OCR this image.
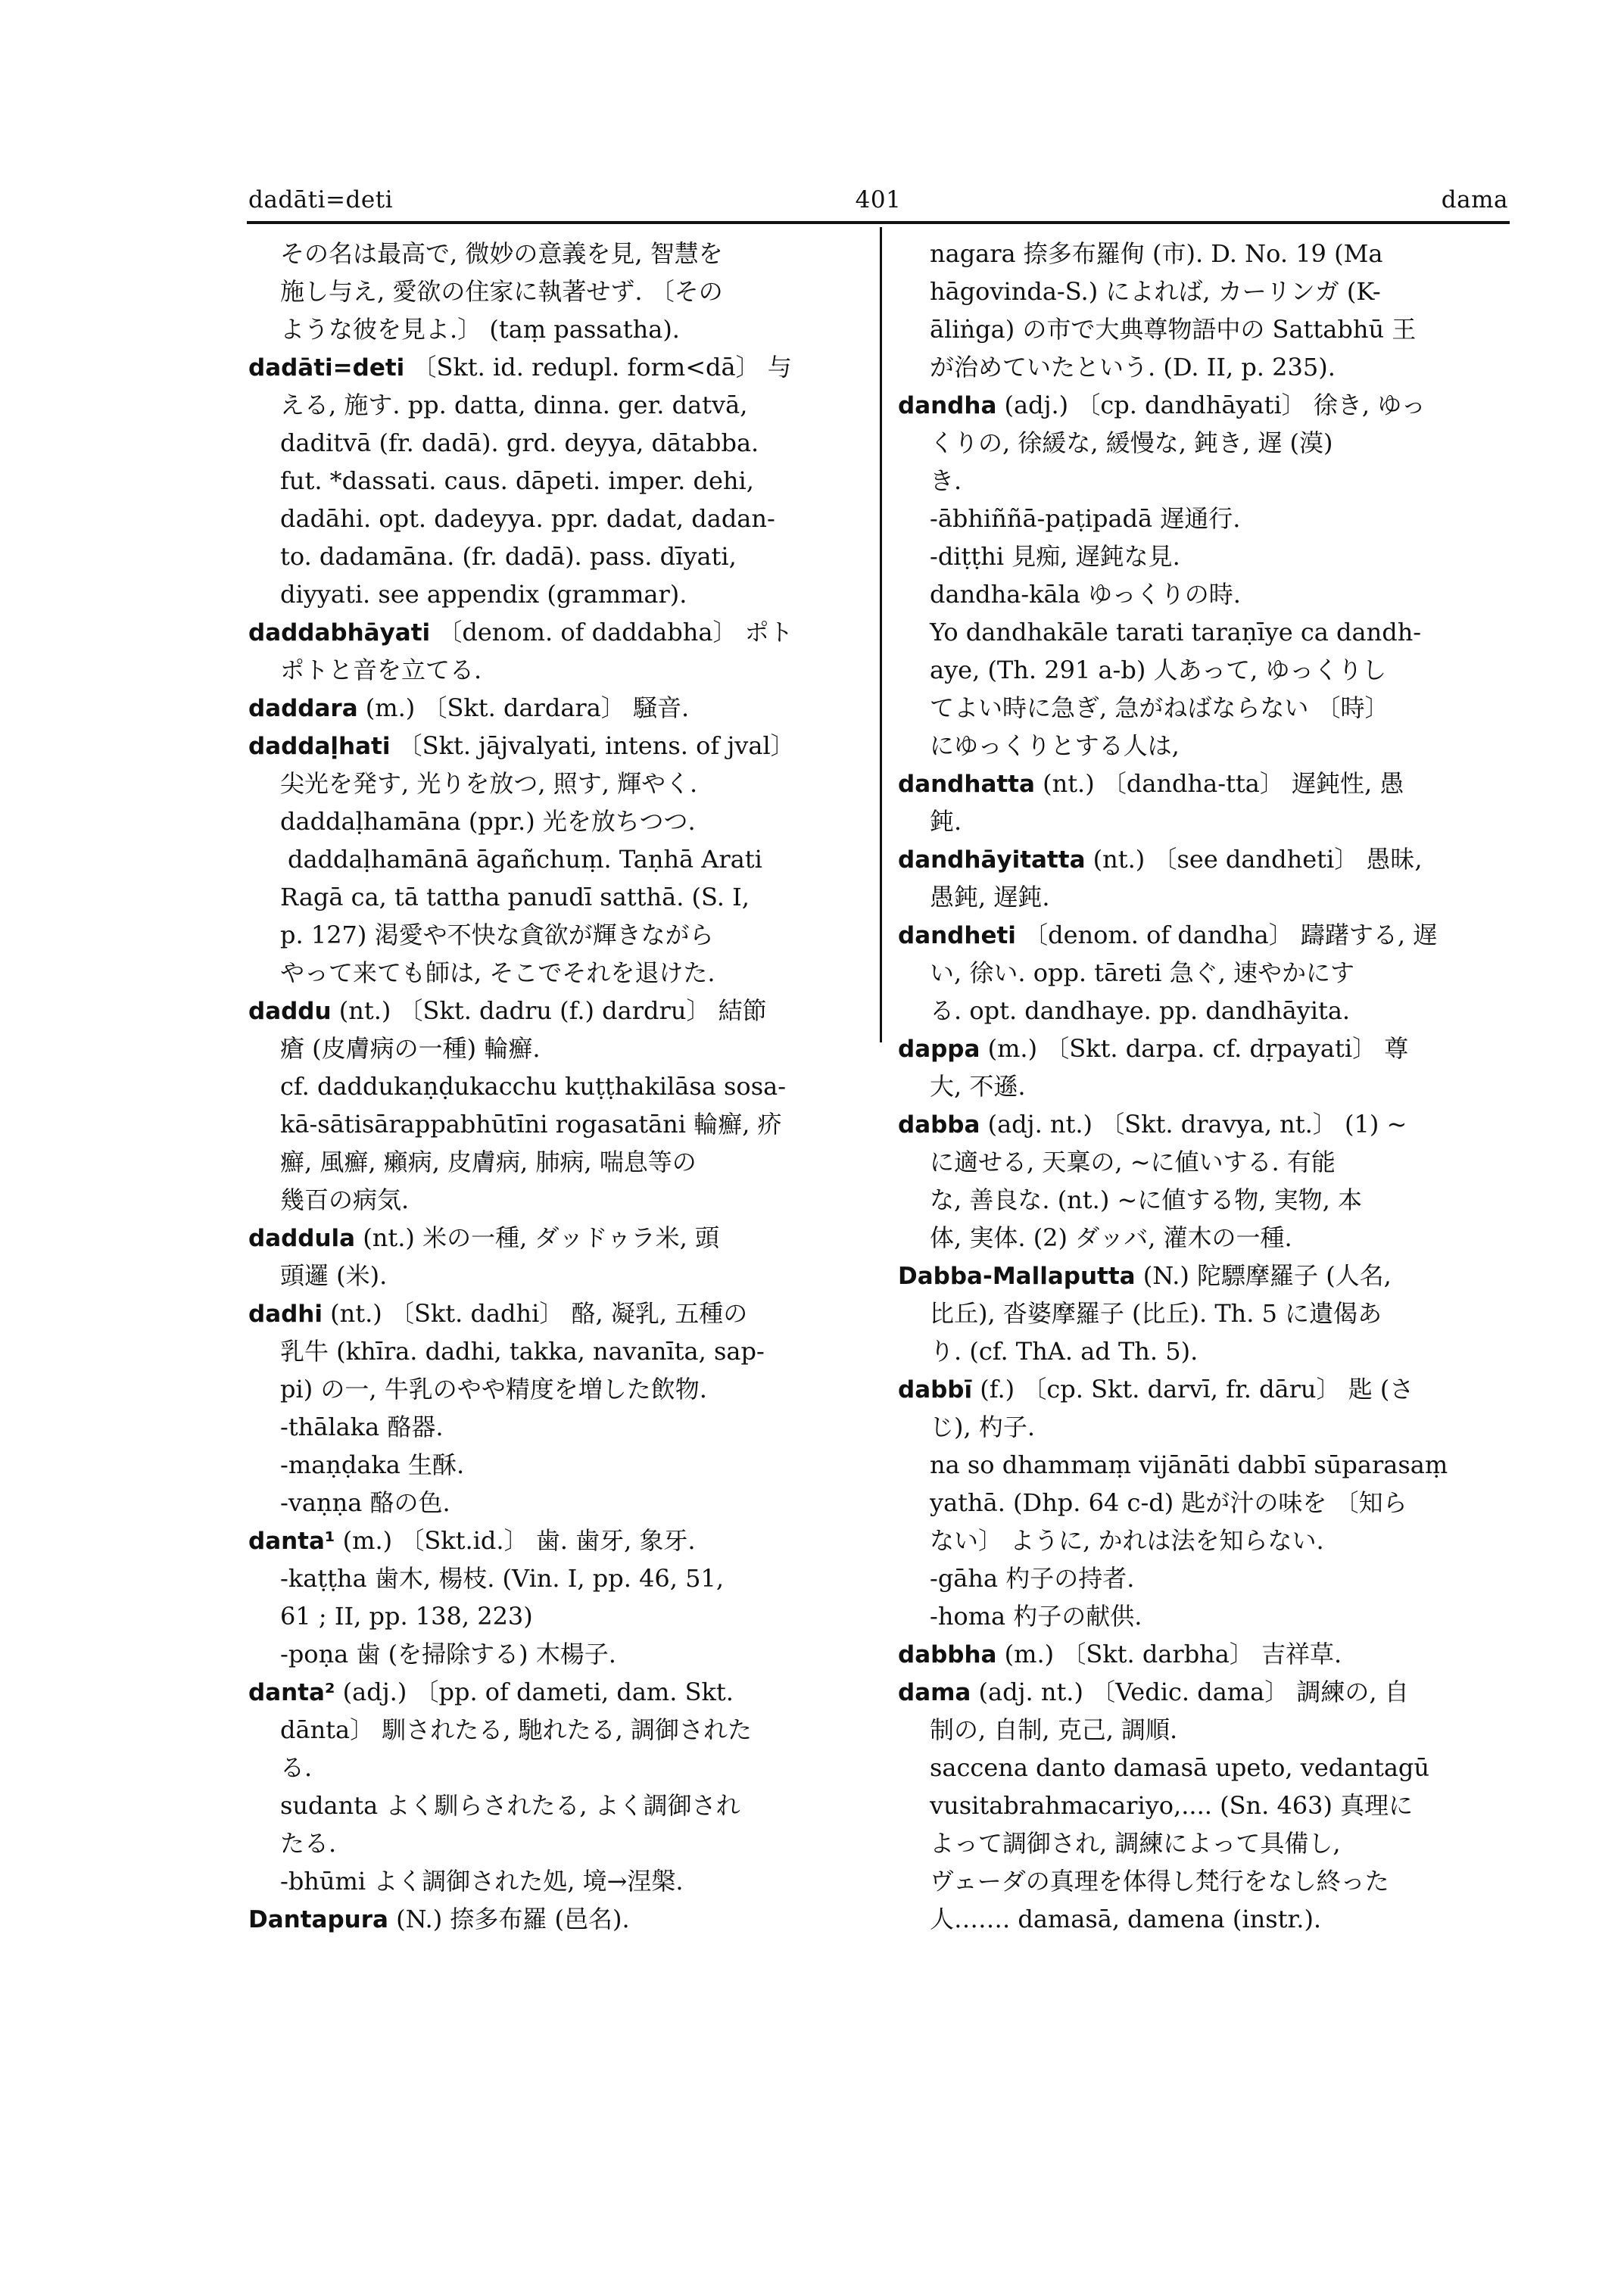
dadāti=deti	401	dama
その名は最高で, 微妙の意義を見, 智慧を
施し与え, 愛欲の住家に執著せず. 〔その
ような彼を見よ.〕 (taṃ passatha).
dadāti=deti 〔Skt. id. redupl. form<dā〕 与
える, 施す. pp. datta, dinna. ger. datvā,
daditvā (fr. dadā). grd. deyya, dātabba.
fut. *dassati. caus. dāpeti. imper. dehi,
dadāhi. opt. dadeyya. ppr. dadat, dadan-
to. dadamāna. (fr. dadā). pass. dīyati,
diyyati. see appendix (grammar).
daddabhāyati 〔denom. of daddabha〕 ポト
ポトと音を立てる.
daddara (m.) 〔Skt. dardara〕 騒音.
daddaḷhati 〔Skt. jājvalyati, intens. of jval〕
尖光を発す, 光りを放つ, 照す, 輝やく.
daddaḷhamāna (ppr.) 光を放ちつつ.
daddaḷhamānā āgañchuṃ. Taṇhā Arati
Ragā ca, tā tattha panudī satthā. (S. I,
p. 127) 渇愛や不快な貪欲が輝きながら
やって来ても師は, そこでそれを退けた.
daddu (nt.) 〔Skt. dadru (f.) dardru〕 結節
瘡 (皮膚病の一種) 輪癬.
cf. daddukaṇḍukacchu kuṭṭhakilāsa sosa-
kā-sātisārappabhūtīni rogasatāni 輪癬, 疥
癬, 風癬, 癩病, 皮膚病, 肺病, 喘息等の
幾百の病気.
daddula (nt.) 米の一種, ダッドゥラ米, 頭
頭邏 (米).
dadhi (nt.) 〔Skt. dadhi〕 酪, 凝乳, 五種の
乳牛 (khīra. dadhi, takka, navanīta, sap-
pi) の一, 牛乳のやや精度を増した飲物.
-thālaka 酪器.
-maṇḍaka 生酥.
-vaṇṇa 酪の色.
danta¹ (m.) 〔Skt.id.〕 歯. 歯牙, 象牙.
-kaṭṭha 歯木, 楊枝. (Vin. I, pp. 46, 51,
61 ; II, pp. 138, 223)
-poṇa 歯 (を掃除する) 木楊子.
danta² (adj.) 〔pp. of dameti, dam. Skt.
dānta〕 馴されたる, 馳れたる, 調御された
る.
sudanta よく馴らされたる, よく調御され
たる.
-bhūmi よく調御された処, 境→涅槃.
Dantapura (N.) 捺多布羅 (邑名).
nagara 捺多布羅侚 (市). D. No. 19 (Ma
hāgovinda-S.) によれば, カーリンガ (K-
āliṅga) の市で大典尊物語中の Sattabhū 王
が治めていたという. (D. II, p. 235).
dandha (adj.) 〔cp. dandhāyati〕 徐き, ゆっ
くりの, 徐緩な, 緩慢な, 鈍き, 遅 (漠)
き.
-ābhiññā-paṭipadā 遅通行.
-diṭṭhi 見痴, 遅鈍な見.
dandha-kāla ゆっくりの時.
Yo dandhakāle tarati taraṇīye ca dandh-
aye, (Th. 291 a-b) 人あって, ゆっくりし
てよい時に急ぎ, 急がねばならない 〔時〕
にゆっくりとする人は,
dandhatta (nt.) 〔dandha-tta〕 遅鈍性, 愚
鈍.
dandhāyitatta (nt.) 〔see dandheti〕 愚昧,
愚鈍, 遅鈍.
dandheti 〔denom. of dandha〕 躊躇する, 遅
い, 徐い. opp. tāreti 急ぐ, 速やかにす
る. opt. dandhaye. pp. dandhāyita.
dappa (m.) 〔Skt. darpa. cf. dṛpayati〕 尊
大, 不遜.
dabba (adj. nt.) 〔Skt. dravya, nt.〕 (1) ~
に適せる, 天稟の, ~に値いする. 有能
な, 善良な. (nt.) ~に値する物, 実物, 本
体, 実体. (2) ダッバ, 灌木の一種.
Dabba-Mallaputta (N.) 陀驃摩羅子 (人名,
比丘), 沓婆摩羅子 (比丘). Th. 5 に遺偈あ
り. (cf. ThA. ad Th. 5).
dabbī (f.) 〔cp. Skt. darvī, fr. dāru〕 匙 (さ
じ), 杓子.
na so dhammaṃ vijānāti dabbī sūparasaṃ
yathā. (Dhp. 64 c-d) 匙が汁の味を 〔知ら
ない〕 ように, かれは法を知らない.
-gāha 杓子の持者.
-homa 杓子の献供.
dabbha (m.) 〔Skt. darbha〕 吉祥草.
dama (adj. nt.) 〔Vedic. dama〕 調練の, 自
制の, 自制, 克己, 調順.
saccena danto damasā upeto, vedantagū
vusitabrahmacariyo,.... (Sn. 463) 真理に
よって調御され, 調練によって具備し,
ヴェーダの真理を体得し梵行をなし終った
人……. damasā, damena (instr.).
